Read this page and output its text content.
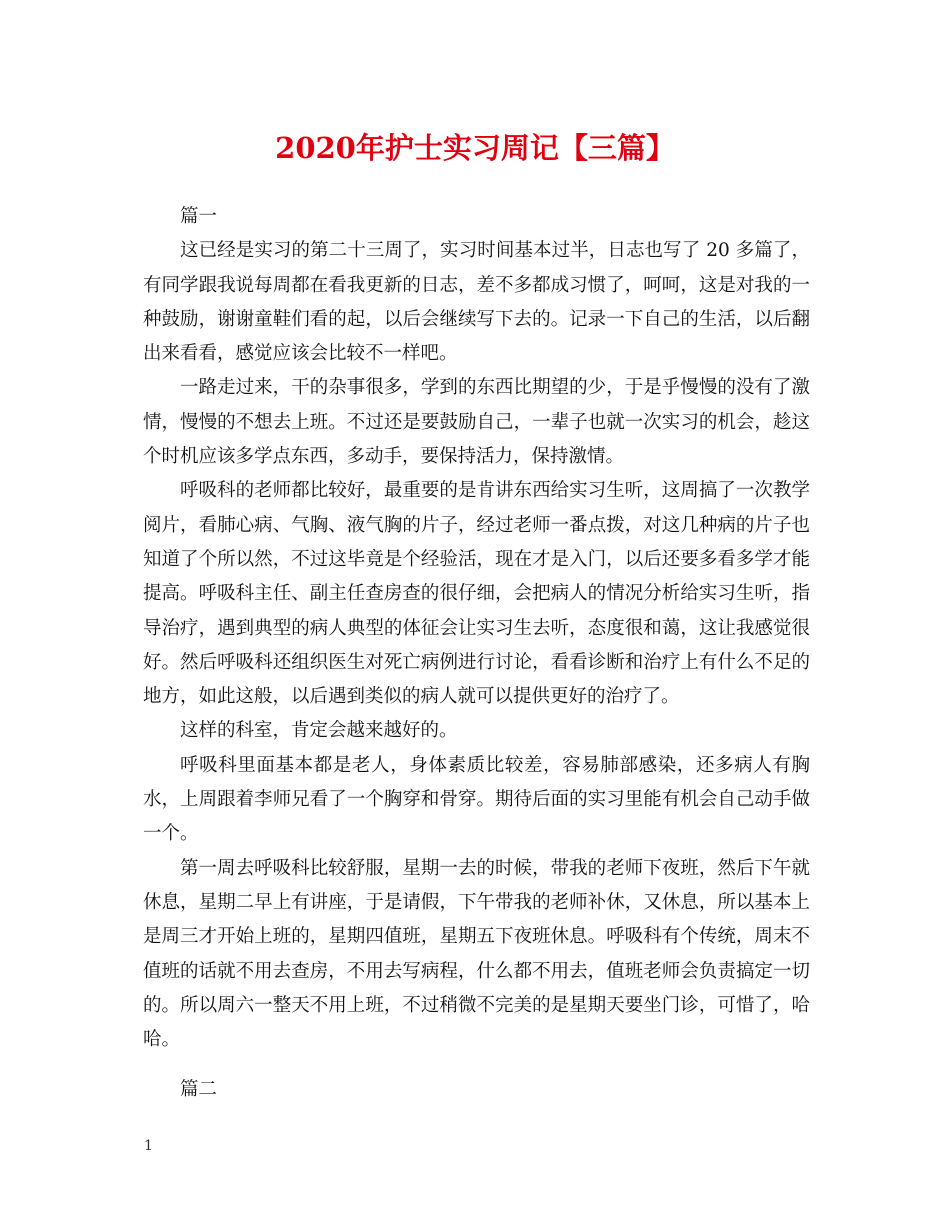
2020年护士实习周记【三篇】

篇一

这已经是实习的第二十三周了，实习时间基本过半，日志也写了 20 多篇了，有同学跟我说每周都在看我更新的日志，差不多都成习惯了，呵呵，这是对我的一种鼓励，谢谢童鞋们看的起，以后会继续写下去的。记录一下自己的生活，以后翻出来看看，感觉应该会比较不一样吧。

一路走过来，干的杂事很多，学到的东西比期望的少，于是乎慢慢的没有了激情，慢慢的不想去上班。不过还是要鼓励自己，一辈子也就一次实习的机会，趁这个时机应该多学点东西，多动手，要保持活力，保持激情。

呼吸科的老师都比较好，最重要的是肯讲东西给实习生听，这周搞了一次教学阅片，看肺心病、气胸、液气胸的片子，经过老师一番点拨，对这几种病的片子也知道了个所以然，不过这毕竟是个经验活，现在才是入门，以后还要多看多学才能提高。呼吸科主任、副主任查房查的很仔细，会把病人的情况分析给实习生听，指导治疗，遇到典型的病人典型的体征会让实习生去听，态度很和蔼，这让我感觉很好。然后呼吸科还组织医生对死亡病例进行讨论，看看诊断和治疗上有什么不足的地方，如此这般，以后遇到类似的病人就可以提供更好的治疗了。

这样的科室，肯定会越来越好的。

呼吸科里面基本都是老人，身体素质比较差，容易肺部感染，还多病人有胸水，上周跟着李师兄看了一个胸穿和骨穿。期待后面的实习里能有机会自己动手做一个。

第一周去呼吸科比较舒服，星期一去的时候，带我的老师下夜班，然后下午就休息，星期二早上有讲座，于是请假，下午带我的老师补休，又休息，所以基本上是周三才开始上班的，星期四值班，星期五下夜班休息。呼吸科有个传统，周末不值班的话就不用去查房，不用去写病程，什么都不用去，值班老师会负责搞定一切的。所以周六一整天不用上班，不过稍微不完美的是星期天要坐门诊，可惜了，哈哈。

篇二

1
